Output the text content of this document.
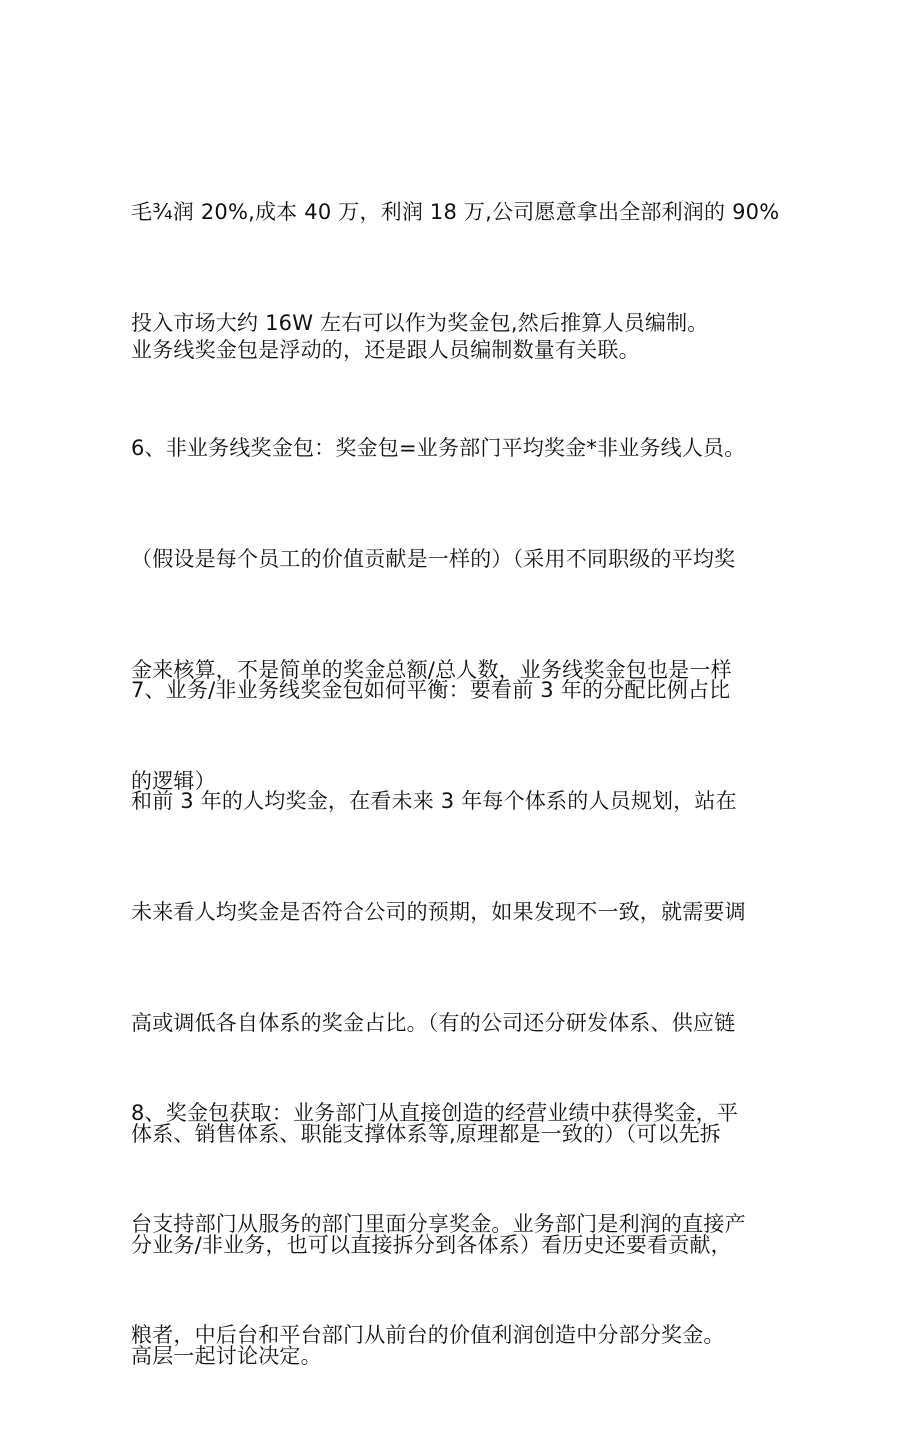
毛¾润 20%,成本 40 万，利润 18 万,公司愿意拿出全部利润的 90%

投入市场大约 16W 左右可以作为奖金包,然后推算人员编制。

业务线奖金包是浮动的，还是跟人员编制数量有关联。

6、非业务线奖金包：奖金包=业务部门平均奖金*非业务线人员。

（假设是每个员工的价值贡献是一样的）（采用不同职级的平均奖

金来核算，不是简单的奖金总额/总人数，业务线奖金包也是一样

的逻辑）

7、业务/非业务线奖金包如何平衡：要看前 3 年的分配比例占比

和前 3 年的人均奖金，在看未来 3 年每个体系的人员规划，站在

未来看人均奖金是否符合公司的预期，如果发现不一致，就需要调

高或调低各自体系的奖金占比。（有的公司还分研发体系、供应链

体系、销售体系、职能支撑体系等,原理都是一致的）（可以先拆

分业务/非业务，也可以直接拆分到各体系）看历史还要看贡献，

高层一起讨论决定。

8、奖金包获取：业务部门从直接创造的经营业绩中获得奖金，平

台支持部门从服务的部门里面分享奖金。业务部门是利润的直接产

粮者，中后台和平台部门从前台的价值利润创造中分部分奖金。
